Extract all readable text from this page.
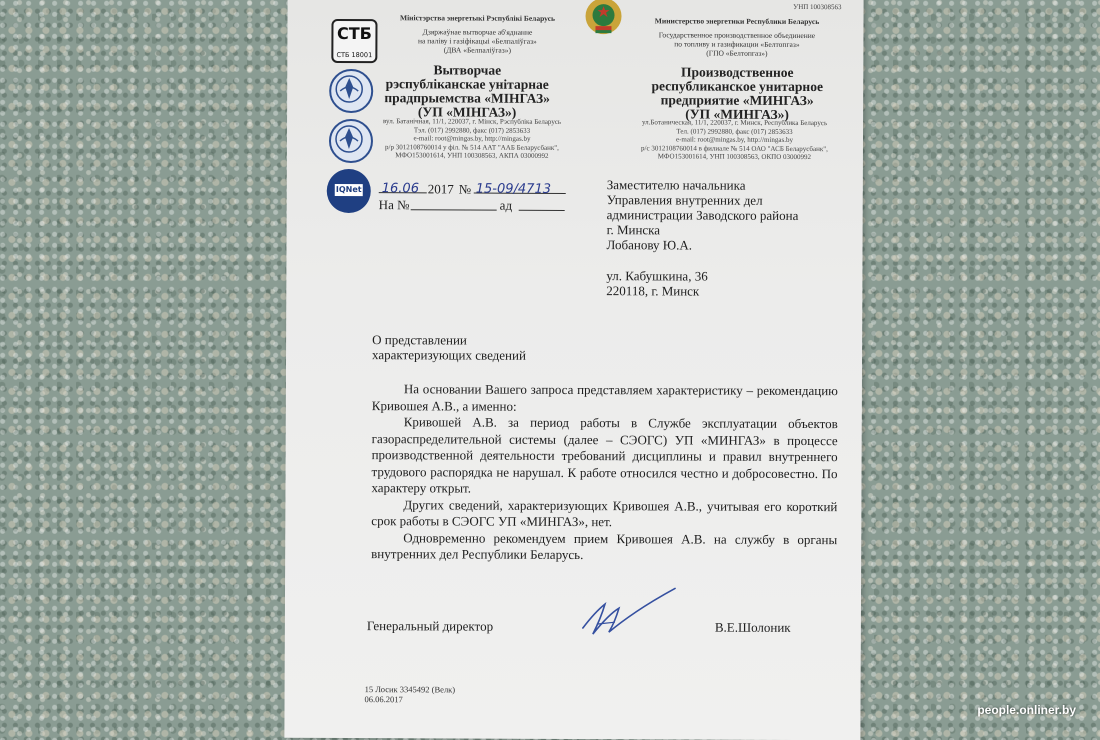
УНП 100308563
СТБ
СТБ 18001
IQNet
Міністэрства энергетыкі Рэспублікі Беларусь
Дзяржаўнае вытворчае аб'яднанне
на паліву і газіфікацыі «Белпаліўгаз»
(ДВА «Белпаліўгаз»)
Вытворчае
рэспубліканскае унітарнае
прадпрыемства «МІНГАЗ»
(УП «МІНГАЗ»)
вул. Батанічная, 11/1, 220037, г. Мінск, Рэспубліка Беларусь
Тэл. (017) 2992880, факс (017) 2853633
e-mail: root@mingas.by, http://mingas.by
р/р 3012108760014 у філ. № 514 ААТ "ААБ Беларусбанк",
МФО153001614, УНП 100308563, АКПА 03000992
Министерство энергетики Республики Беларусь
Государственное производственное объединение
по топливу и газификации «Белтопгаз»
(ГПО «Белтопгаз»)
Производственное
республиканское унитарное
предприятие «МИНГАЗ»
(УП «МИНГАЗ»)
ул.Ботаническая, 11/1, 220037, г. Минск, Республика Беларусь
Тел. (017) 2992880, факс (017) 2853633
e-mail: root@mingas.by, http://mingas.by
р/с 3012108760014 в филиале № 514 ОАО "АСБ Беларусбанк",
МФО153001614, УНП 100308563, ОКПО 03000992
16.06 2017 № 15-09/4713
На №	ад
Заместителю начальника
Управления внутренних дел
администрации Заводского района
г. Минска
Лобанову Ю.А.
ул. Кабушкина, 36
220118, г. Минск
О представлении
характеризующих сведений
На основании Вашего запроса представляем характеристику – рекомендацию Кривошея А.В., а именно:
Кривошей А.В. за период работы в Службе эксплуатации объектов газораспределительной системы (далее – СЭОГС) УП «МИНГАЗ» в процессе производственной деятельности требований дисциплины и правил внутреннего трудового распорядка не нарушал. К работе относился честно и добросовестно. По характеру открыт.
Других сведений, характеризующих Кривошея А.В., учитывая его короткий срок работы в СЭОГС УП «МИНГАЗ», нет.
Одновременно рекомендуем прием Кривошея А.В. на службу в органы внутренних дел Республики Беларусь.
Генеральный директор	В.Е.Шолоник
15 Лосик 3345492 (Велк)
06.06.2017
people.onliner.by
